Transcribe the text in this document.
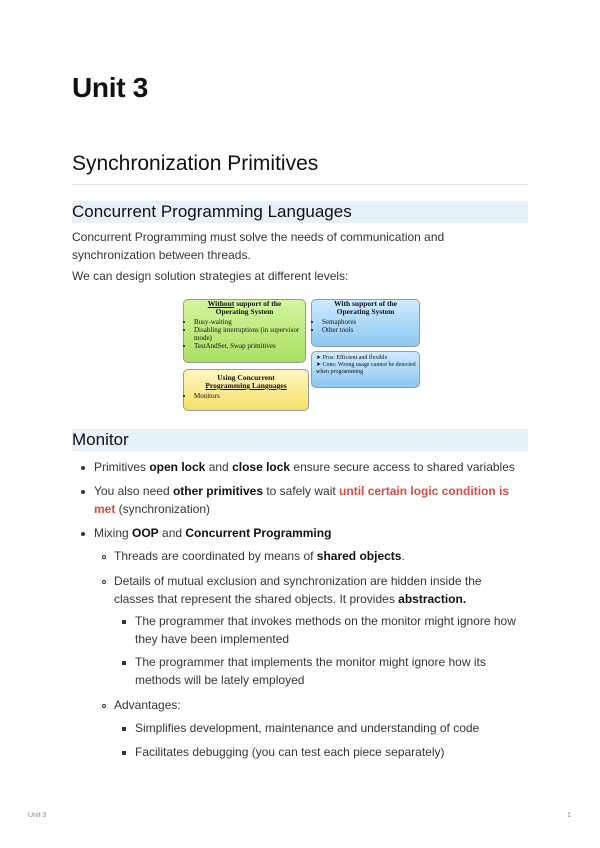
Unit 3
Synchronization Primitives
Concurrent Programming Languages

Concurrent Programming must solve the needs of communication and

synchronization between threads.

We can design solution strategies at different levels:

Monitor
Without support of the
Operating System
• Busy-waiting
• Disabling interruptions (in supervisor mode)
• TestAndSet, Swap primitives
With support of the Operating System
• Semaphores
• Other tools
➤ Pros: Efficient and flexible
➤ Cons: Wrong usage cannot be detected when programming
Using Concurrent
Programming Languages
• Monitors
Primitives open lock and close lock ensure secure access to shared variables
You also need other primitives to safely wait until certain logic condition is
met (synchronization)
Mixing OOP and Concurrent Programming
Threads are coordinated by means of shared objects.
Details of mutual exclusion and synchronization are hidden inside the
classes that represent the shared objects. It provides abstraction.
The programmer that invokes methods on the monitor might ignore how
they have been implemented
The programmer that implements the monitor might ignore how its
methods will be lately employed
Advantages:
Simplifies development, maintenance and understanding of code
Facilitates debugging (you can test each piece separately)
Unit 3	1
